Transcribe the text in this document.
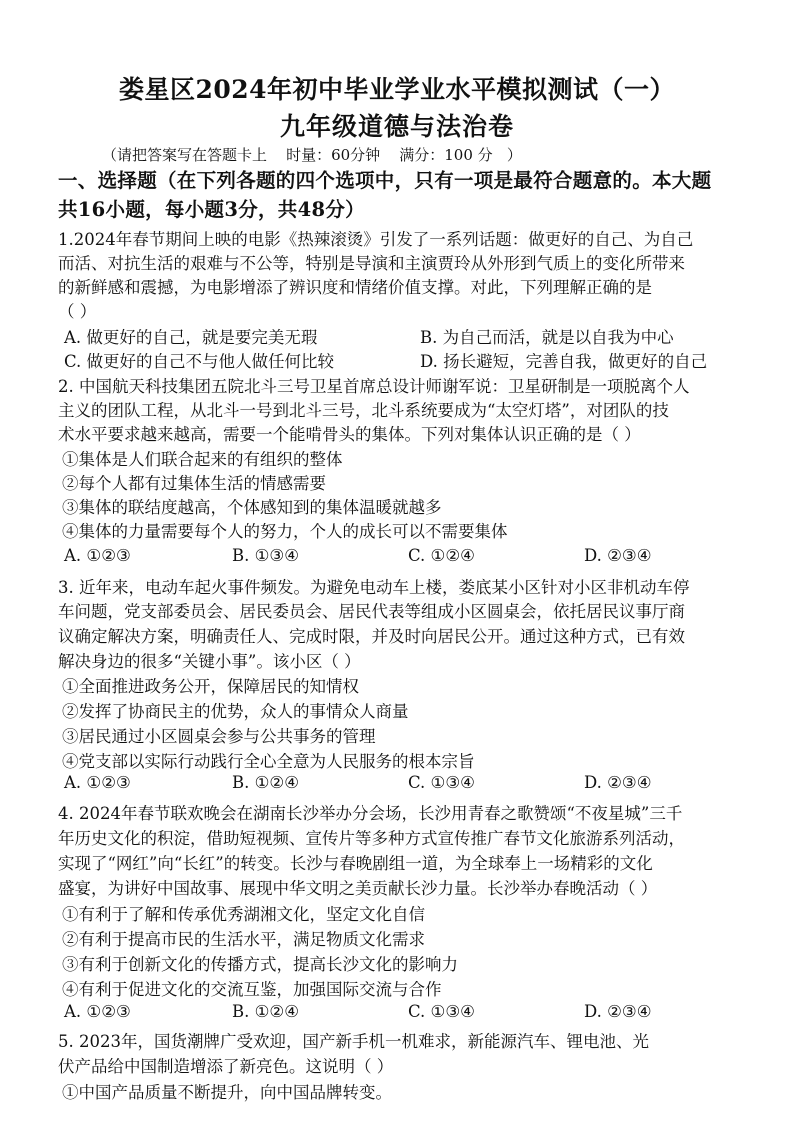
娄星区2024年初中毕业学业水平模拟测试（一）
九年级道德与法治卷
（请把答案写在答题卡上    时量：60分钟    满分：100 分   ）
一、选择题（在下列各题的四个选项中，只有一项是最符合题意的。本大题共16小题，每小题3分，共48分）
1.2024年春节期间上映的电影《热辣滚烫》引发了一系列话题：做更好的自己、为自己
而活、对抗生活的艰难与不公等，特别是导演和主演贾玲从外形到气质上的变化所带来
的新鲜感和震撼，为电影增添了辨识度和情绪价值支撑。对此，下列理解正确的是
（ ）
A. 做更好的自己，就是要完美无瑕	B. 为自己而活，就是以自我为中心
C. 做更好的自己不与他人做任何比较	D. 扬长避短，完善自我，做更好的自己
2. 中国航天科技集团五院北斗三号卫星首席总设计师谢军说：卫星研制是一项脱离个人
主义的团队工程，从北斗一号到北斗三号，北斗系统要成为“太空灯塔”，对团队的技
术水平要求越来越高，需要一个能啃骨头的集体。下列对集体认识正确的是（ ）
①集体是人们联合起来的有组织的整体
②每个人都有过集体生活的情感需要
③集体的联结度越高，个体感知到的集体温暖就越多
④集体的力量需要每个人的努力，个人的成长可以不需要集体
A. ①②③	B. ①③④	C. ①②④	D. ②③④
3. 近年来，电动车起火事件频发。为避免电动车上楼，娄底某小区针对小区非机动车停
车问题，党支部委员会、居民委员会、居民代表等组成小区圆桌会，依托居民议事厅商
议确定解决方案，明确责任人、完成时限，并及时向居民公开。通过这种方式，已有效
解决身边的很多“关键小事”。该小区（ ）
①全面推进政务公开，保障居民的知情权
②发挥了协商民主的优势，众人的事情众人商量
③居民通过小区圆桌会参与公共事务的管理
④党支部以实际行动践行全心全意为人民服务的根本宗旨
A. ①②③	B. ①②④	C. ①③④	D. ②③④
4. 2024年春节联欢晚会在湖南长沙举办分会场，长沙用青春之歌赞颂“不夜星城”三千
年历史文化的积淀，借助短视频、宣传片等多种方式宣传推广春节文化旅游系列活动，
实现了“网红”向“长红”的转变。长沙与春晚剧组一道，为全球奉上一场精彩的文化
盛宴，为讲好中国故事、展现中华文明之美贡献长沙力量。长沙举办春晚活动（ ）
①有利于了解和传承优秀湖湘文化，坚定文化自信
②有利于提高市民的生活水平，满足物质文化需求
③有利于创新文化的传播方式，提高长沙文化的影响力
④有利于促进文化的交流互鉴，加强国际交流与合作
A. ①②③	B. ①②④	C. ①③④	D. ②③④
5. 2023年，国货潮牌广受欢迎，国产新手机一机难求，新能源汽车、锂电池、光
伏产品给中国制造增添了新亮色。这说明（ ）
①中国产品质量不断提升，向中国品牌转变。
